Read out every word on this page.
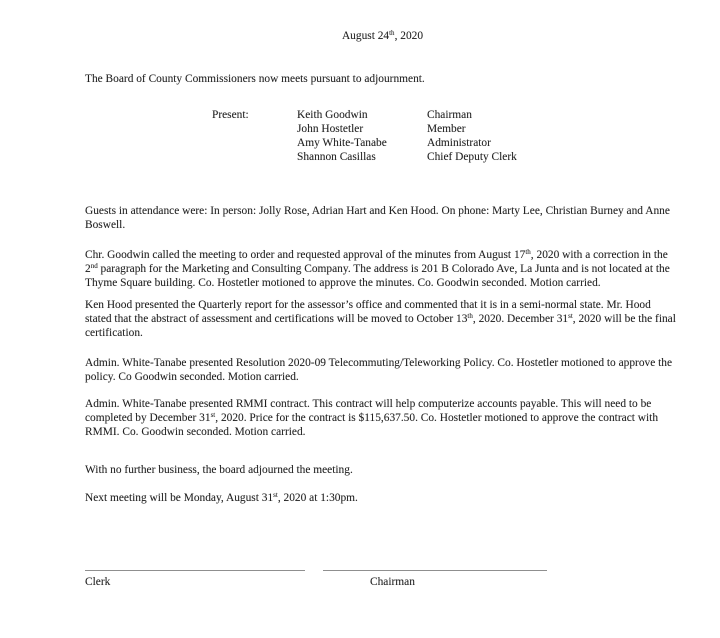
August 24th, 2020

The Board of County Commissioners now meets pursuant to adjournment.

Present:	Keith Goodwin	Chairman
John Hostetler	Member
Amy White-Tanabe	Administrator
Shannon Casillas	Chief Deputy Clerk

Guests in attendance were: In person: Jolly Rose, Adrian Hart and Ken Hood. On phone: Marty Lee, Christian Burney and Anne Boswell.

Chr. Goodwin called the meeting to order and requested approval of the minutes from August 17th, 2020 with a correction in the 2nd paragraph for the Marketing and Consulting Company. The address is 201 B Colorado Ave, La Junta and is not located at the Thyme Square building. Co. Hostetler motioned to approve the minutes. Co. Goodwin seconded. Motion carried.

Ken Hood presented the Quarterly report for the assessor’s office and commented that it is in a semi-normal state. Mr. Hood stated that the abstract of assessment and certifications will be moved to October 13th, 2020. December 31st, 2020 will be the final certification.

Admin. White-Tanabe presented Resolution 2020-09 Telecommuting/Teleworking Policy. Co. Hostetler motioned to approve the policy. Co Goodwin seconded. Motion carried.

Admin. White-Tanabe presented RMMI contract. This contract will help computerize accounts payable. This will need to be completed by December 31st, 2020. Price for the contract is $115,637.50. Co. Hostetler motioned to approve the contract with RMMI. Co. Goodwin seconded. Motion carried.

With no further business, the board adjourned the meeting.

Next meeting will be Monday, August 31st, 2020 at 1:30pm.

Clerk	Chairman
